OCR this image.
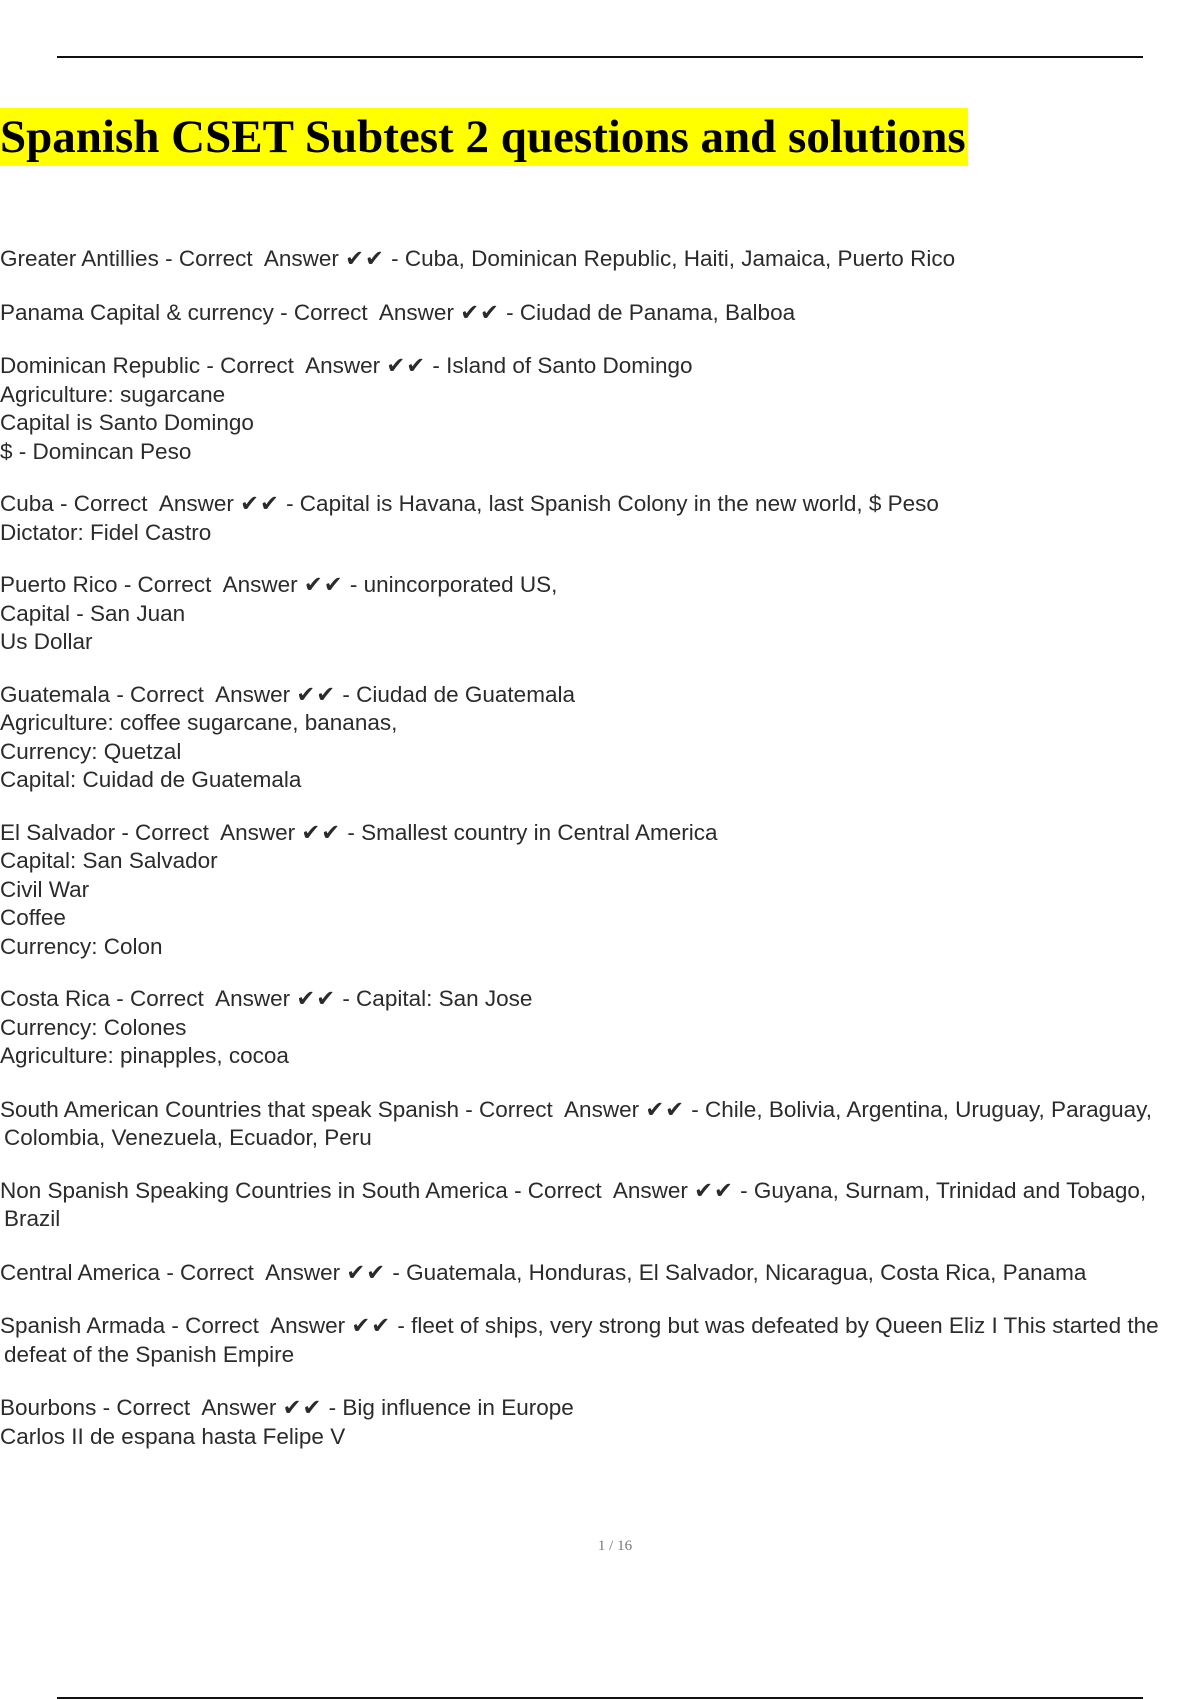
Spanish CSET Subtest 2 questions and solutions
Greater Antillies - Correct  Answer ✔✔ - Cuba, Dominican Republic, Haiti, Jamaica, Puerto Rico
Panama Capital & currency - Correct  Answer ✔✔ - Ciudad de Panama, Balboa
Dominican Republic - Correct  Answer ✔✔ - Island of Santo Domingo
Agriculture: sugarcane
Capital is Santo Domingo
$ - Domincan Peso
Cuba - Correct  Answer ✔✔ - Capital is Havana, last Spanish Colony in the new world, $ Peso
Dictator: Fidel Castro
Puerto Rico - Correct  Answer ✔✔ - unincorporated US,
Capital - San Juan
Us Dollar
Guatemala - Correct  Answer ✔✔ - Ciudad de Guatemala
Agriculture: coffee sugarcane, bananas,
Currency: Quetzal
Capital: Cuidad de Guatemala
El Salvador - Correct  Answer ✔✔ - Smallest country in Central America
Capital: San Salvador
Civil War
Coffee
Currency: Colon
Costa Rica - Correct  Answer ✔✔ - Capital: San Jose
Currency: Colones
Agriculture: pinapples, cocoa
South American Countries that speak Spanish - Correct  Answer ✔✔ - Chile, Bolivia, Argentina, Uruguay, Paraguay,
Colombia, Venezuela, Ecuador, Peru
Non Spanish Speaking Countries in South America - Correct  Answer ✔✔ - Guyana, Surnam, Trinidad and Tobago,
Brazil
Central America - Correct  Answer ✔✔ - Guatemala, Honduras, El Salvador, Nicaragua, Costa Rica, Panama
Spanish Armada - Correct  Answer ✔✔ - fleet of ships, very strong but was defeated by Queen Eliz I This started the
defeat of the Spanish Empire
Bourbons - Correct  Answer ✔✔ - Big influence in Europe
Carlos II de espana hasta Felipe V
1 / 16
